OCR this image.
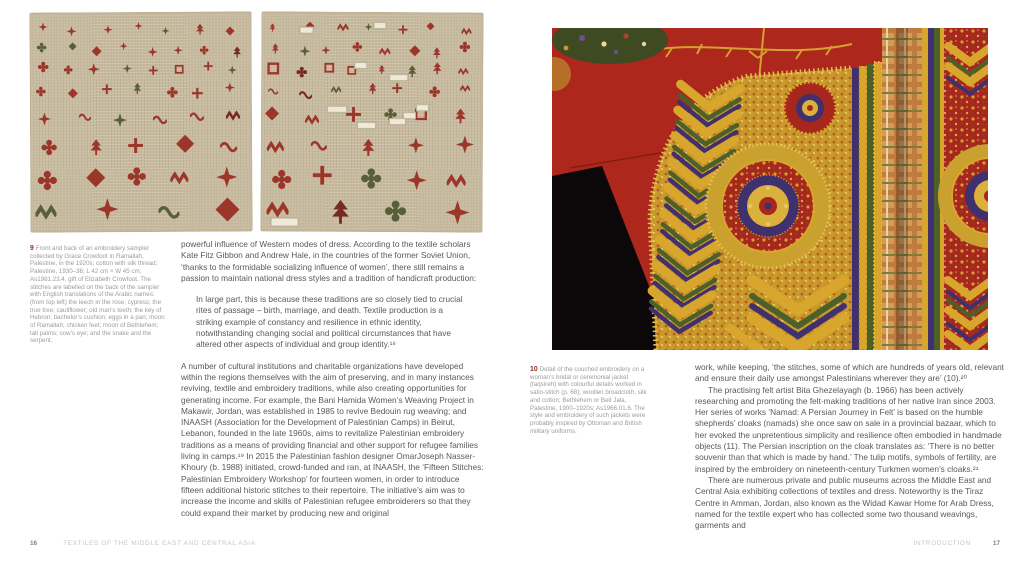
9 Front and back of an embroidery sampler collected by Grace Crowfoot in Ramallah, Palestine, in the 1920s; cotton with silk thread; Palestine, 1930–36; L 42 cm × W 45 cm; As1981.23.4, gift of Elizabeth Crowfoot. The stitches are labelled on the back of the sampler with English translations of the Arabic names: (from top left) the leech in the rose; cypress; the true tree; cauliflower; old man’s teeth; the key of Hebron; bachelor’s cushion; eggs in a pan; moon of Ramallah; chicken feet; moon of Bethlehem; tall palms; cow’s eye; and the snake and the serpent.

powerful influence of Western modes of dress. According to the textile scholars Kate Fitz Gibbon and Andrew Hale, in the countries of the former Soviet Union, ‘thanks to the formidable socializing influence of women’, there still remains a passion to maintain national dress styles and a tradition of handicraft production:

In large part, this is because these traditions are so closely tied to crucial rites of passage – birth, marriage, and death. Textile production is a striking example of constancy and resilience in ethnic identity, notwithstanding changing social and political circumstances that have altered other aspects of individual and group identity.¹⁸

A number of cultural institutions and charitable organizations have developed within the regions themselves with the aim of preserving, and in many instances reviving, textile and embroidery traditions, while also creating opportunities for generating income. For example, the Bani Hamida Women’s Weaving Project in Makawir, Jordan, was established in 1985 to revive Bedouin rug weaving; and INAASH (Association for the Development of Palestinian Camps) in Beirut, Lebanon, founded in the late 1960s, aims to revitalize Palestinian embroidery traditions as a means of providing financial and other support for refugee families living in camps.¹⁹ In 2015 the Palestinian fashion designer OmarJoseph Nasser-Khoury (b. 1988) initiated, crowd-funded and ran, at INAASH, the ‘Fifteen Stitches: Palestinian Embroidery Workshop’ for fourteen women, in order to introduce fifteen additional historic stitches to their repertoire. The initiative’s aim was to increase the income and skills of Palestinian refugee embroiderers so that they could expand their market by producing new and original

16	TEXTILES OF THE MIDDLE EAST AND CENTRAL ASIA
10 Detail of the couched embroidery on a woman’s bridal or ceremonial jacket (taqsireh) with colourful details worked in satin-stitch (p. 68); woollen broadcloth, silk and cotton; Bethlehem or Beit Jala, Palestine, 1900–1920s; As1966.01.6. The style and embroidery of such jackets were probably inspired by Ottoman and British military uniforms.

work, while keeping, ‘the stitches, some of which are hundreds of years old, relevant and ensure their daily use amongst Palestinians wherever they are’ (10).²⁰

The practising felt artist Bita Ghezelayagh (b. 1966) has been actively researching and promoting the felt-making traditions of her native Iran since 2003. Her series of works ‘Namad: A Persian Journey in Felt’ is based on the humble shepherds’ cloaks (namads) she once saw on sale in a provincial bazaar, which to her evoked the unpretentious simplicity and resilience often embodied in handmade objects (11). The Persian inscription on the cloak translates as: ‘There is no better souvenir than that which is made by hand.’ The tulip motifs, symbols of fertility, are inspired by the embroidery on nineteenth-century Turkmen women’s cloaks.²¹

There are numerous private and public museums across the Middle East and Central Asia exhibiting collections of textiles and dress. Noteworthy is the Tiraz Centre in Amman, Jordan, also known as the Widad Kawar Home for Arab Dress, named for the textile expert who has collected some two thousand weavings, garments and

INTRODUCTION	17
